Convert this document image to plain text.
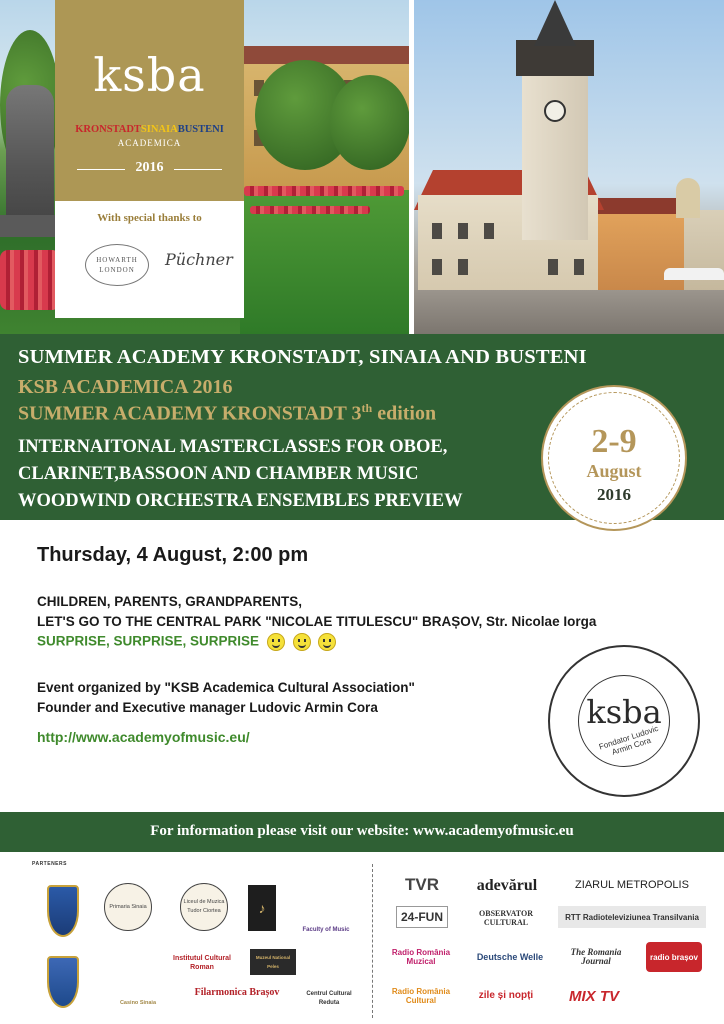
ksba
KRONSTADTSINAIABUSTENI
ACADEMICA
2016
With special thanks to
HOWARTH LONDON
Püchner
SUMMER ACADEMY KRONSTADT, SINAIA AND BUSTENI
KSB ACADEMICA 2016
SUMMER ACADEMY KRONSTADT 3th edition
INTERNAITONAL MASTERCLASSES FOR OBOE,
CLARINET,BASSOON AND CHAMBER MUSIC
WOODWIND ORCHESTRA ENSEMBLES PREVIEW
2-9
August
2016
Thursday, 4 August, 2:00 pm
CHILDREN, PARENTS, GRANDPARENTS,
LET'S GO TO THE CENTRAL PARK "NICOLAE TITULESCU" BRAȘOV, Str. Nicolae Iorga
SURPRISE, SURPRISE, SURPRISE
Event organized by "KSB Academica Cultural Association"
Founder and Executive manager Ludovic Armin Cora
http://www.academyofmusic.eu/
ksba
Fondator Ludovic Armin Cora
For information please visit our website: www.academyofmusic.eu
PARTENERS
Primaria Sinaia
Liceul de Muzica Tudor Ciortea	♪
Faculty of Music
Institutul Cultural Roman
Muzeul National Peles
Casino Sinaia
Filarmonica Brașov	Centrul Cultural Reduta
TVR	adevărul	ZIARUL METROPOLIS
24-FUN	OBSERVATOR CULTURAL
RTT Radioteleviziunea Transilvania
Radio România Muzical	Deutsche Welle	The Romania Journal	radio brașov
Radio România Cultural	zile și nopți	MIX TV
